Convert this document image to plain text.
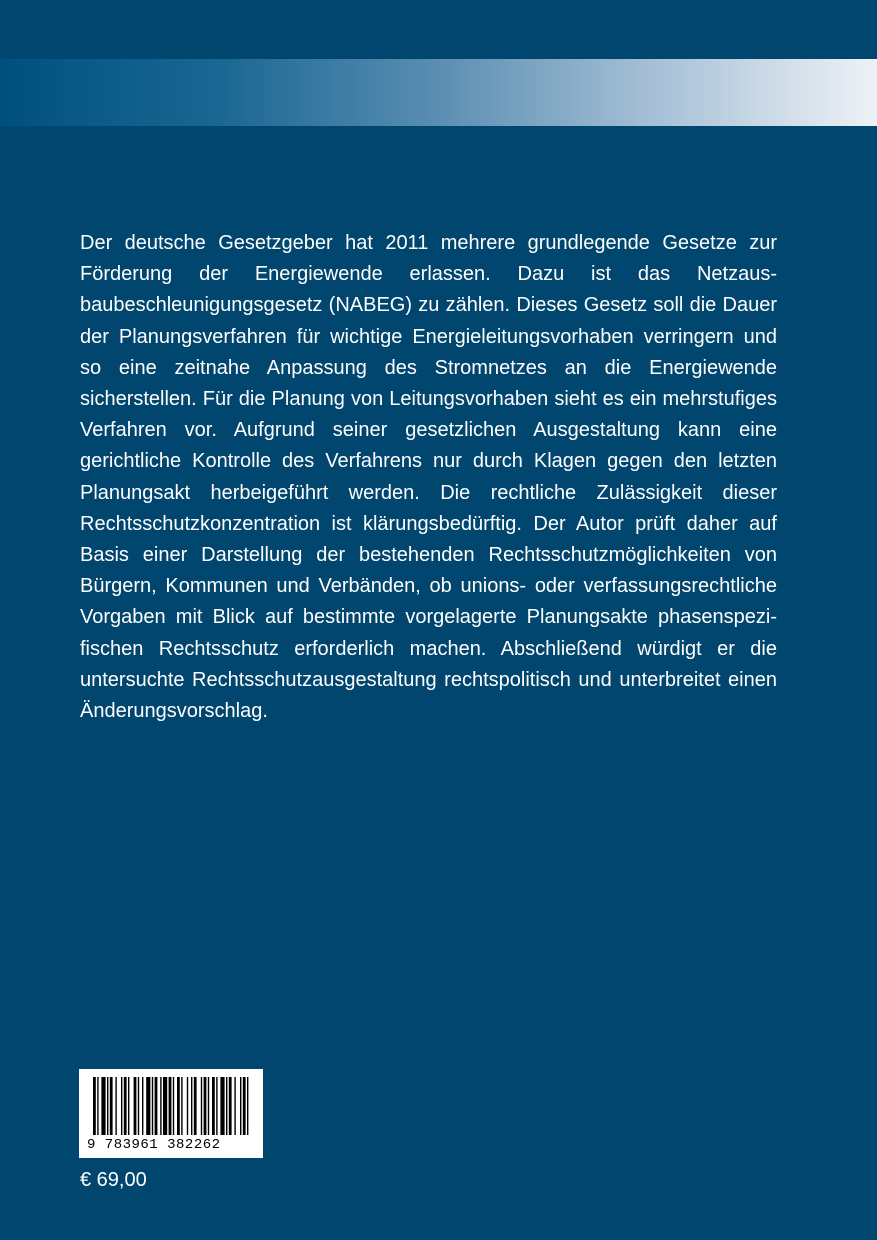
Der deutsche Gesetzgeber hat 2011 mehrere grundlegende Gesetze zur Förderung der Energiewende erlassen. Dazu ist das Netzausbaubeschleunigungsgesetz (NABEG) zu zählen. Dieses Gesetz soll die Dauer der Planungsverfahren für wichtige Energieleitungsvorhaben verringern und so eine zeitnahe Anpassung des Stromnetzes an die Energiewende sicherstellen. Für die Planung von Leitungsvorhaben sieht es ein mehrstufiges Verfahren vor. Aufgrund seiner gesetzlichen Ausgestaltung kann eine gerichtliche Kontrolle des Verfahrens nur durch Klagen gegen den letzten Planungsakt herbeigeführt werden. Die rechtliche Zulässigkeit dieser Rechtsschutzkonzentration ist klärungsbedürftig. Der Autor prüft daher auf Basis einer Darstellung der bestehenden Rechtsschutzmöglichkeiten von Bürgern, Kommunen und Verbänden, ob unions- oder verfassungsrechtliche Vorgaben mit Blick auf bestimmte vorgelagerte Planungsakte phasenspezifischen Rechtsschutz erforderlich machen. Abschließend würdigt er die untersuchte Rechtsschutzausgestaltung rechtspolitisch und unterbreitet einen Änderungsvorschlag.

9 783961 382262
€ 69,00
